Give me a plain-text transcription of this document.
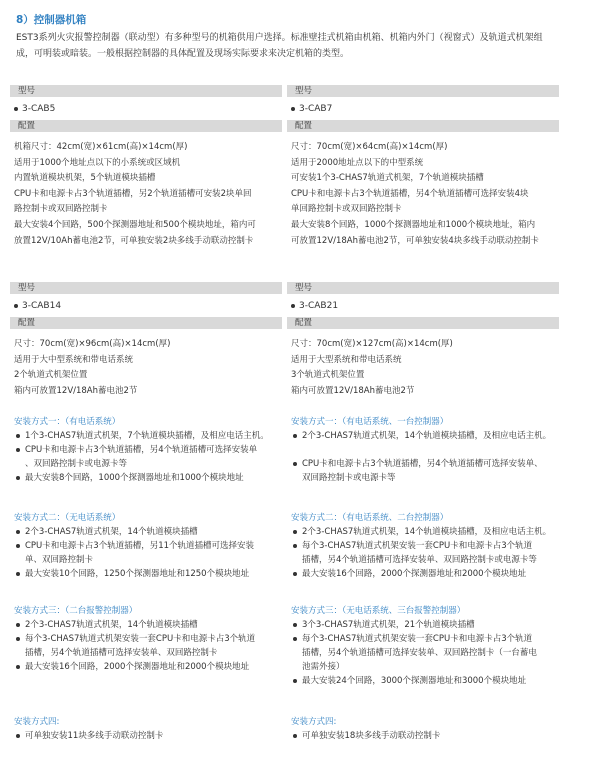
8）控制器机箱
EST3系列火灾报警控制器（联动型）有多种型号的机箱供用户选择。标准壁挂式机箱由机箱、机箱内外门（视窗式）及轨道式机架组
成，可明装或暗装。一般根据控制器的具体配置及现场实际要求来决定机箱的类型。
型号
3-CAB5
配置
机箱尺寸：42cm(宽)×61cm(高)×14cm(厚)
适用于1000个地址点以下的小系统或区域机
内置轨道模块机架，5个轨道模块插槽
CPU卡和电源卡占3个轨道插槽，另2个轨道插槽可安装2块单回
路控制卡或双回路控制卡
最大安装4个回路，500个探测器地址和500个模块地址，箱内可
放置12V/10Ah蓄电池2节，可单独安装2块多线手动联动控制卡
型号
3-CAB7
配置
尺寸：70cm(宽)×64cm(高)×14cm(厚)
适用于2000地址点以下的中型系统
可安装1个3-CHAS7轨道式机架，7个轨道模块插槽
CPU卡和电源卡占3个轨道插槽，另4个轨道插槽可选择安装4块
单回路控制卡或双回路控制卡
最大安装8个回路，1000个探测器地址和1000个模块地址，箱内
可放置12V/18Ah蓄电池2节，可单独安装4块多线手动联动控制卡
型号
3-CAB14
配置
尺寸：70cm(宽)×96cm(高)×14cm(厚)
适用于大中型系统和带电话系统
2个轨道式机架位置
箱内可放置12V/18Ah蓄电池2节
型号
3-CAB21
配置
尺寸：70cm(宽)×127cm(高)×14cm(厚)
适用于大型系统和带电话系统
3个轨道式机架位置
箱内可放置12V/18Ah蓄电池2节
安装方式一：（有电话系统）
1个3-CHAS7轨道式机架，7个轨道模块插槽，及相应电话主机。
CPU卡和电源卡占3个轨道插槽，另4个轨道插槽可选择安装单
、双回路控制卡或电源卡等
最大安装8个回路，1000个探测器地址和1000个模块地址
安装方式二：（无电话系统）
2个3-CHAS7轨道式机架，14个轨道模块插槽
CPU卡和电源卡占3个轨道插槽，另11个轨道插槽可选择安装
单、双回路控制卡
最大安装10个回路，1250个探测器地址和1250个模块地址
安装方式三：（二台报警控制器）
2个3-CHAS7轨道式机架，14个轨道模块插槽
每个3-CHAS7轨道式机架安装一套CPU卡和电源卡占3个轨道
插槽，另4个轨道插槽可选择安装单、双回路控制卡
最大安装16个回路，2000个探测器地址和2000个模块地址
安装方式四:
可单独安装11块多线手动联动控制卡
安装方式一：（有电话系统、一台控制器）
2个3-CHAS7轨道式机架，14个轨道模块插槽，及相应电话主机。
CPU卡和电源卡占3个轨道插槽，另4个轨道插槽可选择安装单、
双回路控制卡或电源卡等
安装方式二：（有电话系统、二台控制器）
2个3-CHAS7轨道式机架，14个轨道模块插槽，及相应电话主机。
每个3-CHAS7轨道式机架安装一套CPU卡和电源卡占3个轨道
插槽，另4个轨道插槽可选择安装单、双回路控制卡或电源卡等
最大安装16个回路，2000个探测器地址和2000个模块地址
安装方式三：（无电话系统、三台报警控制器）
3个3-CHAS7轨道式机架，21个轨道模块插槽
每个3-CHAS7轨道式机架安装一套CPU卡和电源卡占3个轨道
插槽，另4个轨道插槽可选择安装单、双回路控制卡（一台蓄电
池需外接）
最大安装24个回路，3000个探测器地址和3000个模块地址
安装方式四:
可单独安装18块多线手动联动控制卡
